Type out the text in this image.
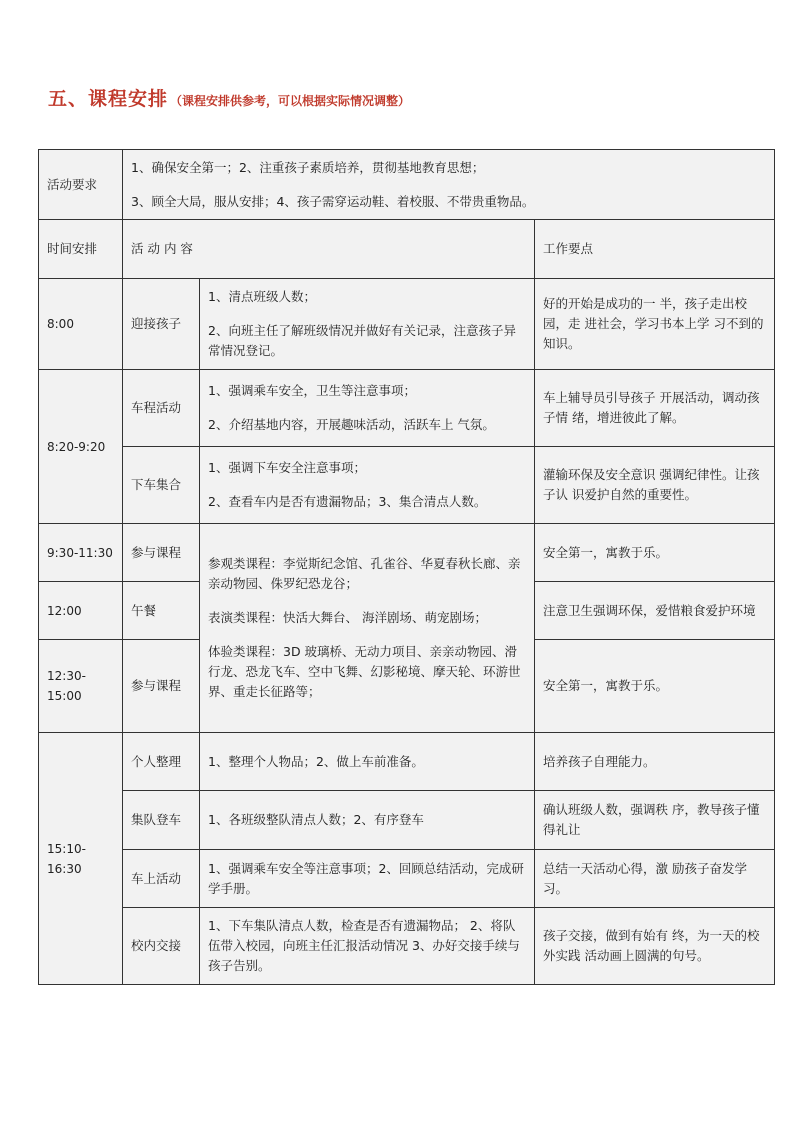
五、课程安排 （课程安排供参考，可以根据实际情况调整）
活动要求	1、确保安全第一；2、注重孩子素质培养，贯彻基地教育思想；
3、顾全大局，服从安排；4、孩子需穿运动鞋、着校服、不带贵重物品。		

时间安排	活 动 内 容		工作要点
8:00	迎接孩子	1、清点班级人数；
2、向班主任了解班级情况并做好有关记录，注意孩子异常情况登记。	好的开始是成功的一 半，孩子走出校园，走 进社会，学习书本上学 习不到的知识。
8:20-9:20	车程活动	1、强调乘车安全，卫生等注意事项；
2、介绍基地内容，开展趣味活动，活跃车上 气氛。	车上辅导员引导孩子 开展活动，调动孩子情 绪，增进彼此了解。
	下车集合	1、强调下车安全注意事项；
2、查看车内是否有遗漏物品；3、集合清点人数。	灌输环保及安全意识 强调纪律性。让孩子认 识爱护自然的重要性。
9:30-11:30	参与课程	参观类课程：李觉斯纪念馆、孔雀谷、华夏春秋长廊、亲亲动物园、侏罗纪恐龙谷；
表演类课程：快活大舞台、 海洋剧场、萌宠剧场；
体验类课程：3D 玻璃桥、无动力项目、亲亲动物园、滑行龙、恐龙飞车、空中飞舞、幻影秘境、摩天轮、环游世界、重走长征路等；	安全第一，寓教于乐。
12:00	午餐		注意卫生强调环保，爱惜粮食爱护环境
12:30-15:00	参与课程		安全第一，寓教于乐。
15:10-16:30	个人整理	1、整理个人物品；2、做上车前准备。	培养孩子自理能力。
	集队登车	1、各班级整队清点人数；2、有序登车	确认班级人数，强调秩 序，教导孩子懂得礼让
	车上活动	1、强调乘车安全等注意事项；2、回顾总结活动，完成研学手册。	总结一天活动心得，激 励孩子奋发学习。
	校内交接	1、下车集队清点人数，检查是否有遗漏物品； 2、将队伍带入校园，向班主任汇报活动情况 3、办好交接手续与孩子告别。	孩子交接，做到有始有 终，为一天的校外实践 活动画上圆满的句号。
